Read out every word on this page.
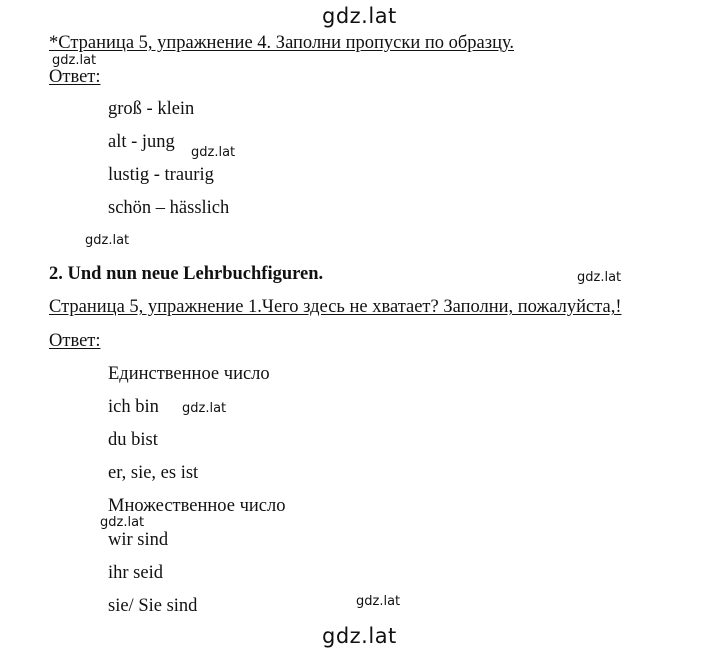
gdz.lat
gdz.lat
gdz.lat
gdz.lat
gdz.lat
gdz.lat
gdz.lat
gdz.lat
gdz.lat
*Страница 5, упражнение 4. Заполни пропуски по образцу.
Ответ:
groß - klein
alt - jung
lustig - traurig
schön – hässlich
2. Und nun neue Lehrbuchfiguren.
Страница 5, упражнение 1.Чего здесь не хватает? Заполни, пожалуйста,!
Ответ:
Единственное число
ich bin
du bist
er, sie, es ist
Множественное число
wir sind
ihr seid
sie/ Sie sind
